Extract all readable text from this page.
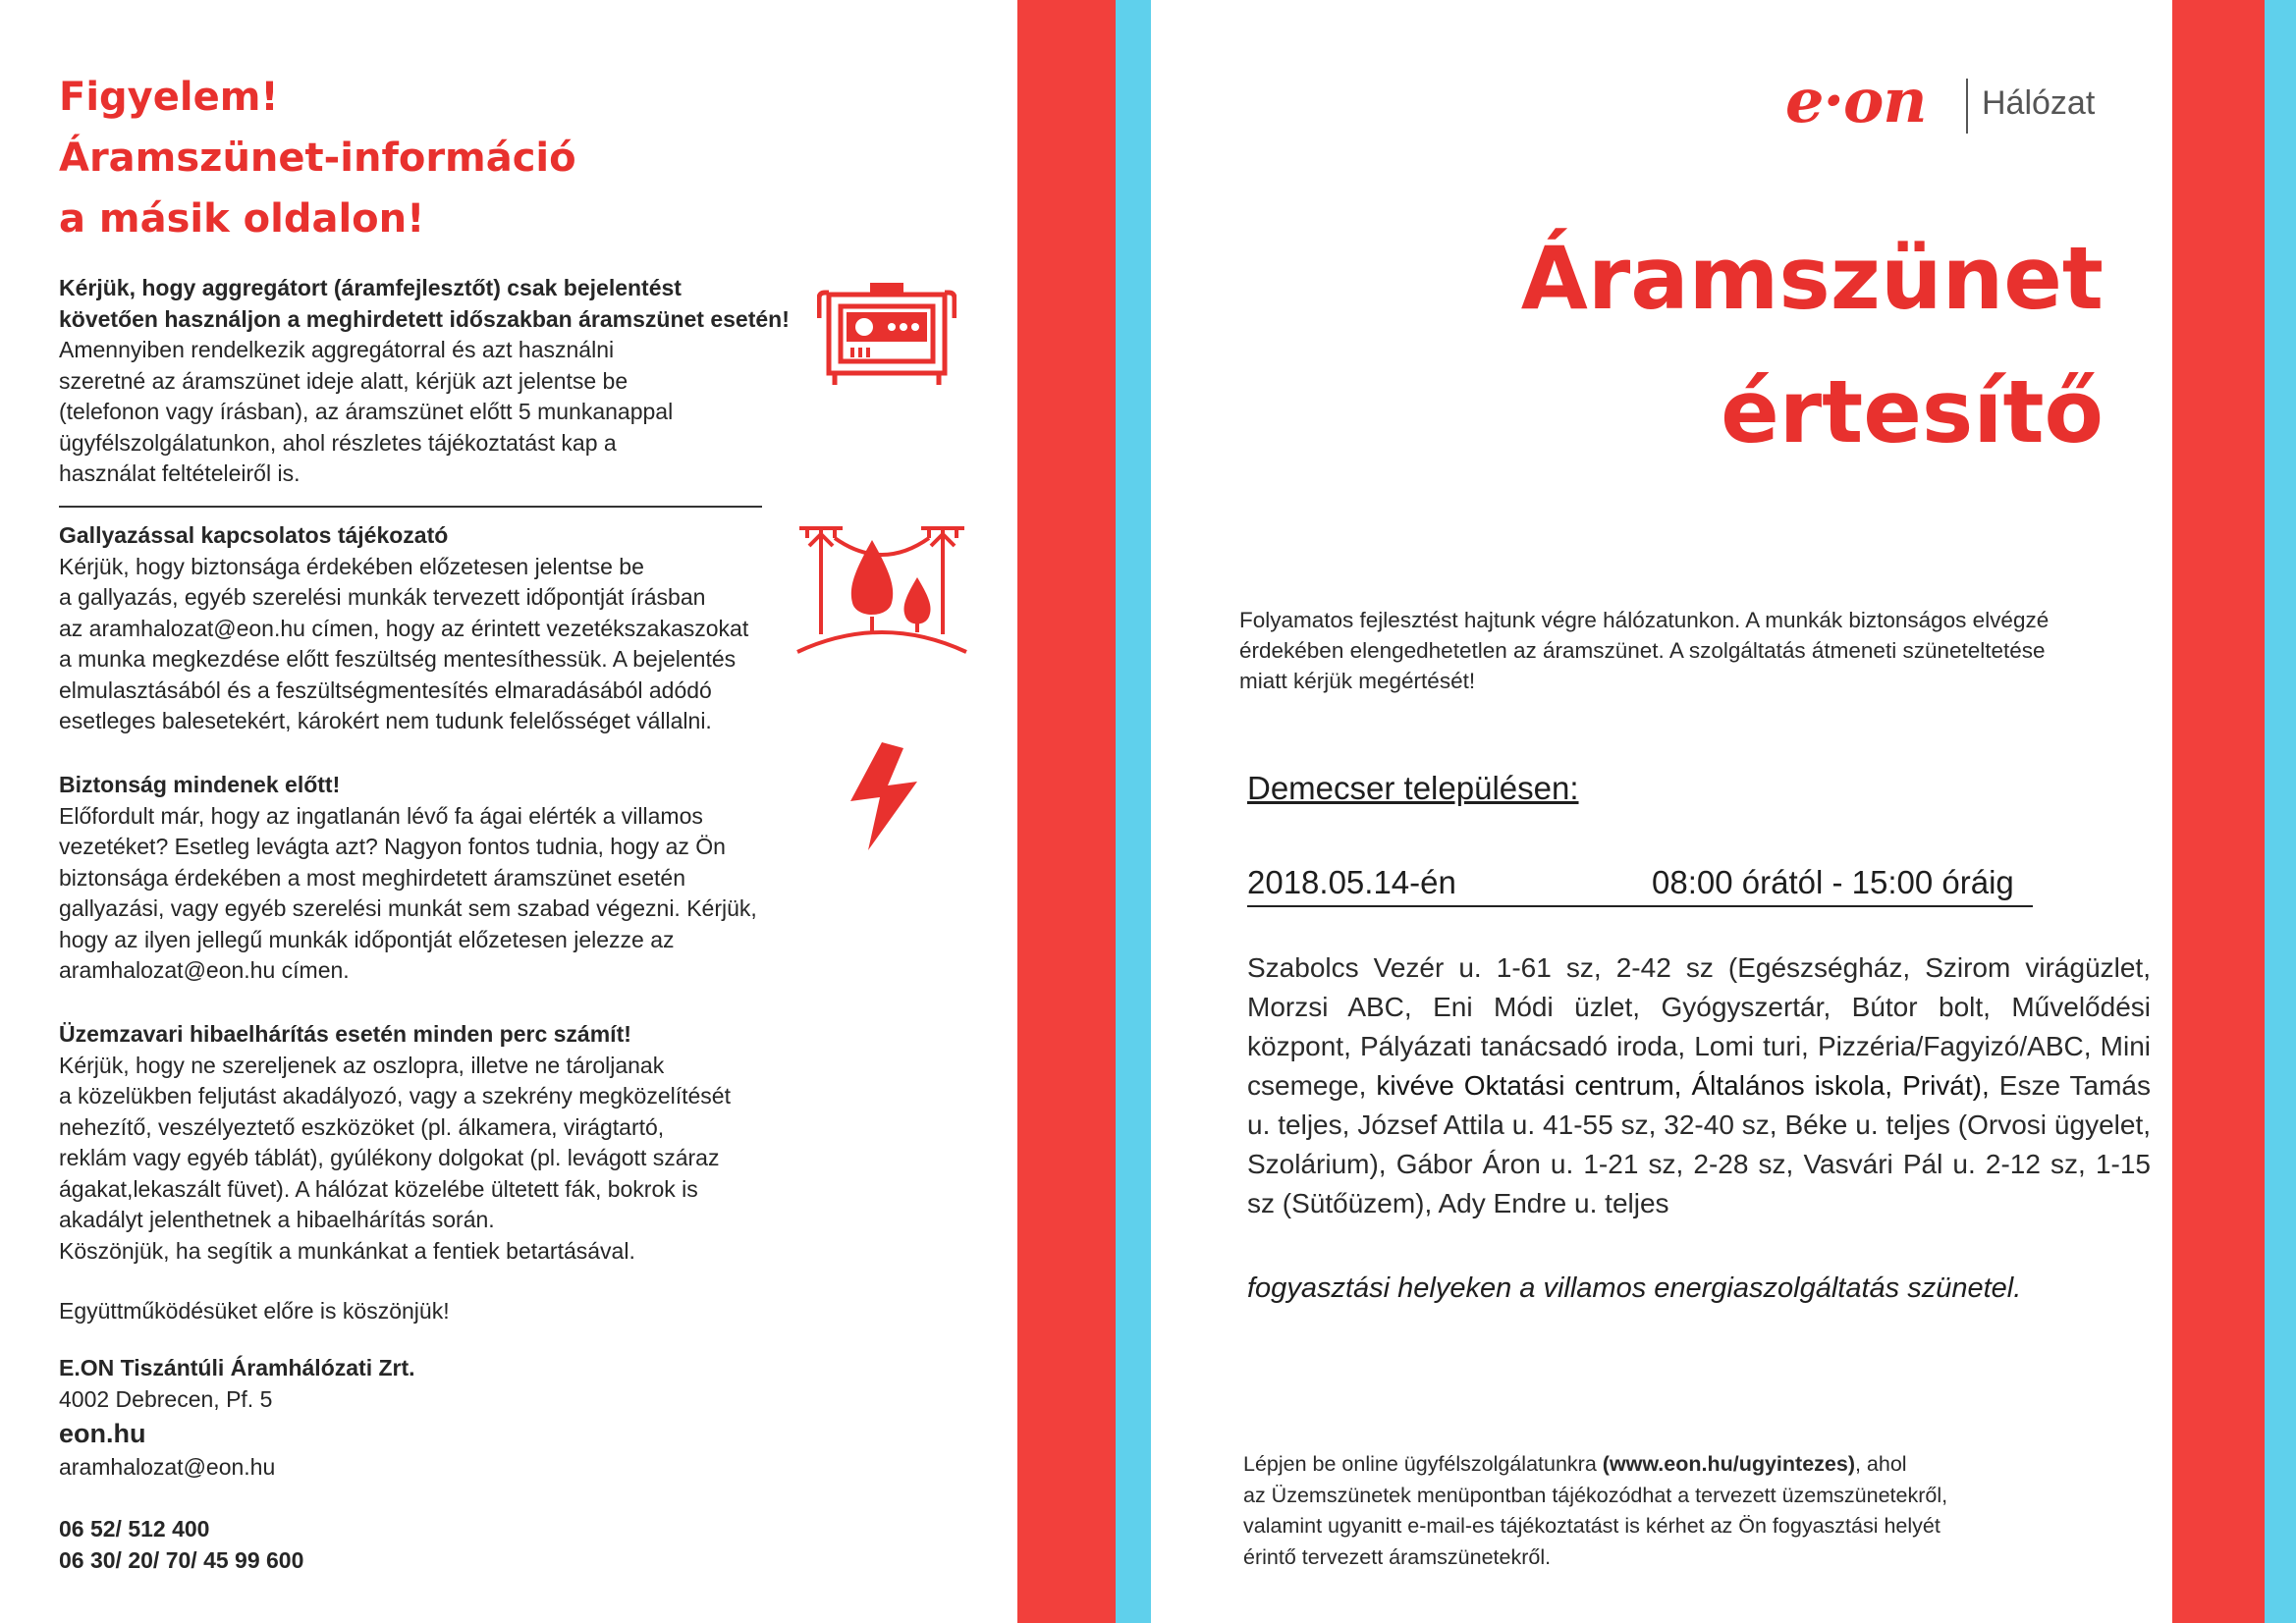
Figyelem!
Áramszünet-információ
a másik oldalon!
Kérjük, hogy aggregátort (áramfejlesztőt) csak bejelentést
követően használjon a meghirdetett időszakban áramszünet esetén!
Amennyiben rendelkezik aggregátorral és azt használni
szeretné az áramszünet ideje alatt, kérjük azt jelentse be
(telefonon vagy írásban), az áramszünet előtt 5 munkanappal
ügyfélszolgálatunkon, ahol részletes tájékoztatást kap a
használat feltételeiről is.
Gallyazással kapcsolatos tájékozató
Kérjük, hogy biztonsága érdekében előzetesen jelentse be
a gallyazás, egyéb szerelési munkák tervezett időpontját írásban
az aramhalozat@eon.hu címen, hogy az érintett vezetékszakaszokat
a munka megkezdése előtt feszültség mentesíthessük. A bejelentés
elmulasztásából és a feszültségmentesítés elmaradásából adódó
esetleges balesetekért, károkért nem tudunk felelősséget vállalni.
Biztonság mindenek előtt!
Előfordult már, hogy az ingatlanán lévő fa ágai elérték a villamos
vezetéket? Esetleg levágta azt? Nagyon fontos tudnia, hogy az Ön
biztonsága érdekében a most meghirdetett áramszünet esetén
gallyazási, vagy egyéb szerelési munkát sem szabad végezni. Kérjük,
hogy az ilyen jellegű munkák időpontját előzetesen jelezze az
aramhalozat@eon.hu címen.
Üzemzavari hibaelhárítás esetén minden perc számít!
Kérjük, hogy ne szereljenek az oszlopra, illetve ne tároljanak
a közelükben feljutást akadályozó, vagy a szekrény megközelítését
nehezítő, veszélyeztető eszközöket (pl. álkamera, virágtartó,
reklám vagy egyéb táblát), gyúlékony dolgokat (pl. levágott száraz
ágakat,lekaszált füvet). A hálózat közelébe ültetett fák, bokrok is
akadályt jelenthetnek a hibaelhárítás során.
Köszönjük, ha segítik a munkánkat a fentiek betartásával.
Együttműködésüket előre is köszönjük!
E.ON Tiszántúli Áramhálózati Zrt.
4002 Debrecen, Pf. 5
eon.hu
aramhalozat@eon.hu
06 52/ 512 400
06 30/ 20/ 70/ 45 99 600
e·on Hálózat
Áramszünet
értesítő
Folyamatos fejlesztést hajtunk végre hálózatunkon. A munkák biztonságos elvégzé
érdekében elengedhetetlen az áramszünet. A szolgáltatás átmeneti szüneteltetése
miatt kérjük megértését!
Demecser településen:
2018.05.14-én	08:00 órától - 15:00 óráig
Szabolcs Vezér u. 1-61 sz, 2-42 sz (Egészségház, Szirom virágüzlet, Morzsi ABC, Eni Módi üzlet, Gyógyszertár, Bútor bolt, Művelődési központ, Pályázati tanácsadó iroda, Lomi turi, Pizzéria/Fagyizó/ABC, Mini csemege, kivéve Oktatási centrum, Általános iskola, Privát), Esze Tamás u. teljes, József Attila u. 41-55 sz, 32-40 sz, Béke u. teljes (Orvosi ügyelet, Szolárium), Gábor Áron u. 1-21 sz, 2-28 sz, Vasvári Pál u. 2-12 sz, 1-15 sz (Sütőüzem), Ady Endre u. teljes
fogyasztási helyeken a villamos energiaszolgáltatás szünetel.
Lépjen be online ügyfélszolgálatunkra (www.eon.hu/ugyintezes), ahol
az Üzemszünetek menüpontban tájékozódhat a tervezett üzemszünetekről,
valamint ugyanitt e-mail-es tájékoztatást is kérhet az Ön fogyasztási helyét
érintő tervezett áramszünetekről.
